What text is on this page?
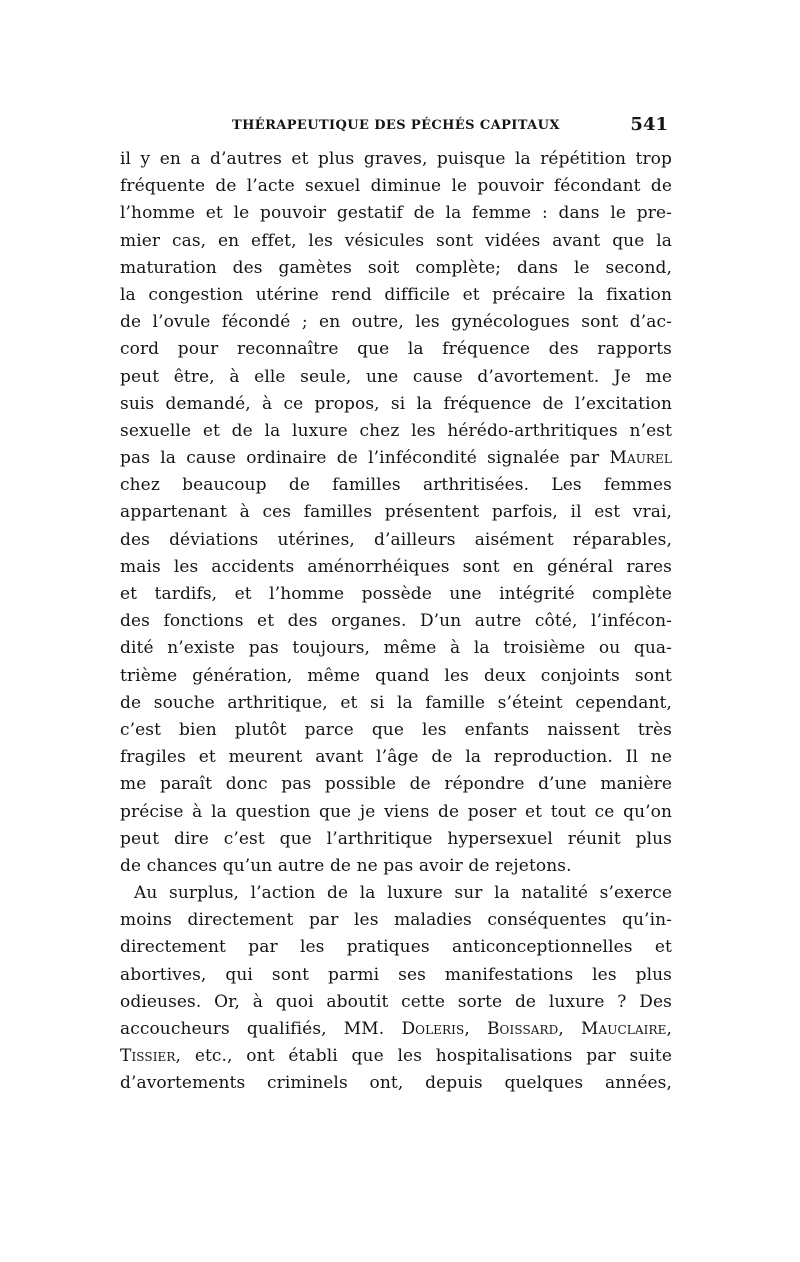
THÉRAPEUTIQUE DES PÉCHÉS CAPITAUX	541
il y en a d’autres et plus graves, puisque la répétition trop
fréquente de l’acte sexuel diminue le pouvoir fécondant de
l’homme et le pouvoir gestatif de la femme : dans le pre-
mier cas, en effet, les vésicules sont vidées avant que la
maturation des gamètes soit complète; dans le second,
la congestion utérine rend difficile et précaire la fixation
de l’ovule fécondé ; en outre, les gynécologues sont d’ac-
cord pour reconnaître que la fréquence des rapports
peut être, à elle seule, une cause d’avortement. Je me
suis demandé, à ce propos, si la fréquence de l’excitation
sexuelle et de la luxure chez les hérédo-arthritiques n’est
pas la cause ordinaire de l’infécondité signalée par Maurel
chez beaucoup de familles arthritisées. Les femmes
appartenant à ces familles présentent parfois, il est vrai,
des déviations utérines, d’ailleurs aisément réparables,
mais les accidents aménorrhéiques sont en général rares
et tardifs, et l’homme possède une intégrité complète
des fonctions et des organes. D’un autre côté, l’infécon-
dité n’existe pas toujours, même à la troisième ou qua-
trième génération, même quand les deux conjoints sont
de souche arthritique, et si la famille s’éteint cependant,
c’est bien plutôt parce que les enfants naissent très
fragiles et meurent avant l’âge de la reproduction. Il ne
me paraît donc pas possible de répondre d’une manière
précise à la question que je viens de poser et tout ce qu’on
peut dire c’est que l’arthritique hypersexuel réunit plus
de chances qu’un autre de ne pas avoir de rejetons.
Au surplus, l’action de la luxure sur la natalité s’exerce
moins directement par les maladies conséquentes qu’in-
directement par les pratiques anticonceptionnelles et
abortives, qui sont parmi ses manifestations les plus
odieuses. Or, à quoi aboutit cette sorte de luxure ? Des
accoucheurs qualifiés, MM. Doleris, Boissard, Mauclaire,
Tissier, etc., ont établi que les hospitalisations par suite
d’avortements criminels ont, depuis quelques années,
